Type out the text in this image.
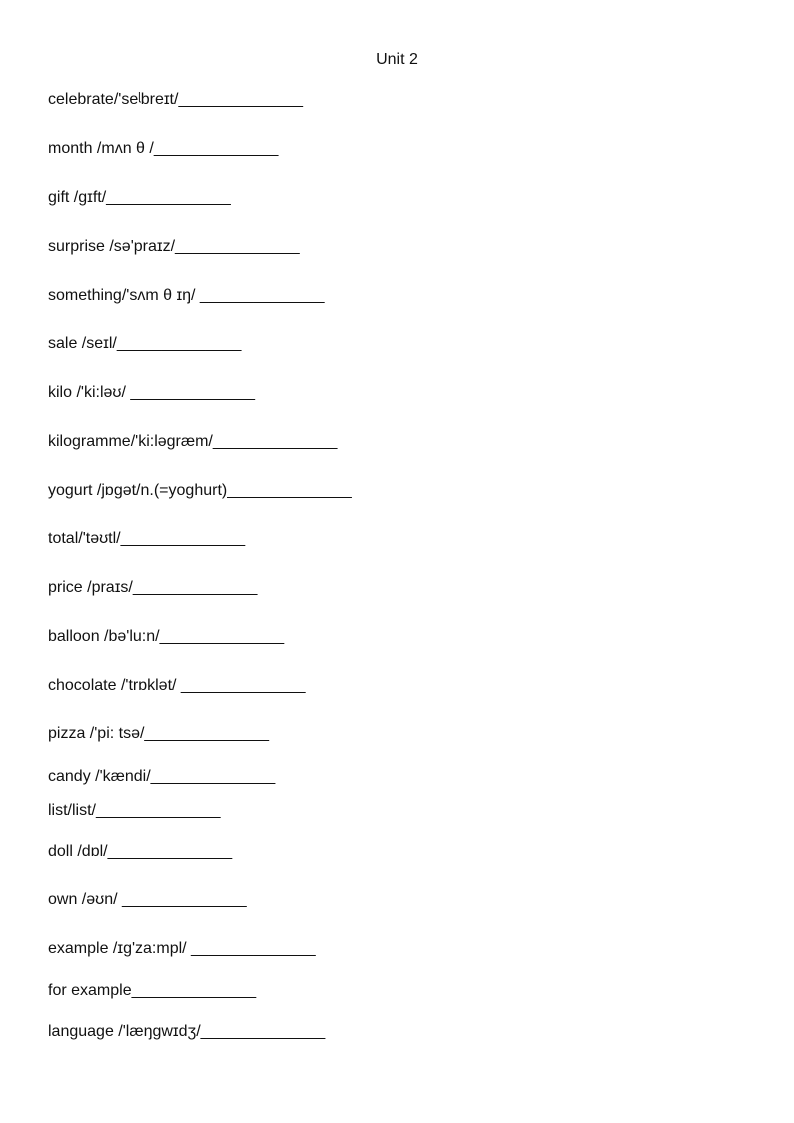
Unit 2
celebrate/'seᶩbreɪt/______________
month /mʌn θ /______________
gift /gɪft/______________
surprise /sə'praɪz/______________
something/'sʌm θ ɪŋ/ ______________
sale /seɪl/______________
kilo /'ki:ləʊ/ ______________
kilogramme/'ki:ləgræm/______________
yogurt /jɒgət/n.(=yoghurt)______________
total/'təʊtl/______________
price /praɪs/______________
balloon /bə'lu:n/______________
chocolate /'trɒklət/ ______________
pizza /'pi: tsə/______________
candy /'kændi/______________
list/list/______________
doll /dɒl/______________
own /əʊn/ ______________
example /ɪg'za:mpl/ ______________
for example______________
language /'læŋgwɪdʒ/______________
